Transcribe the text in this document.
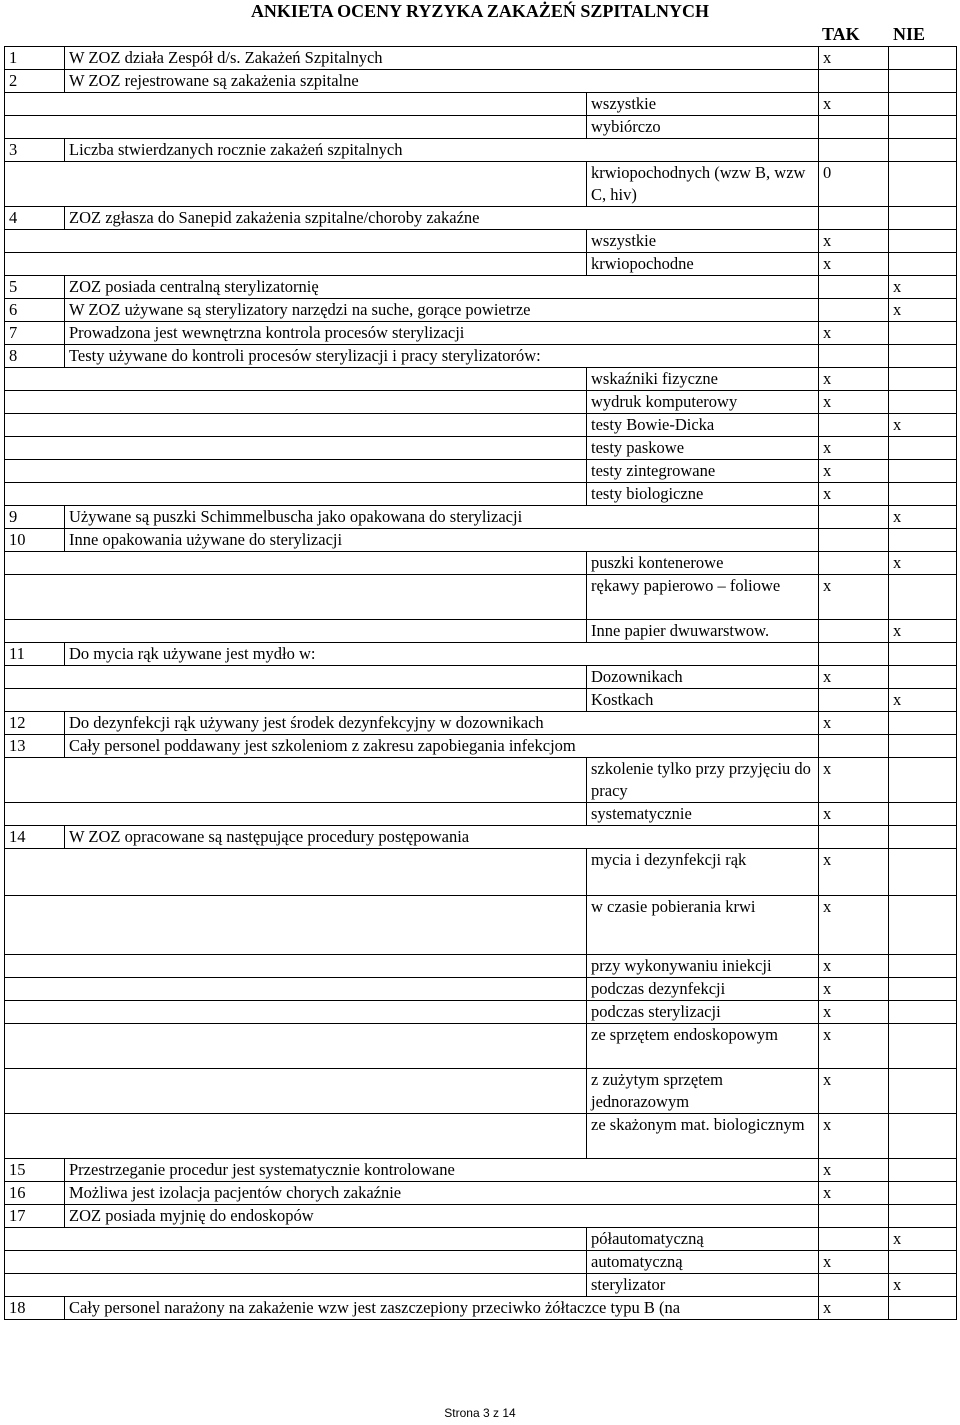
ANKIETA OCENY RYZYKA ZAKAŻEŃ SZPITALNYCH
TAK NIE
1	W ZOZ działa Zespół d/s. Zakażeń Szpitalnych		x	
2	W ZOZ rejestrowane są zakażenia szpitalne			
		wszystkie	x	
		wybiórczo		
3	Liczba stwierdzanych rocznie zakażeń szpitalnych			
		krwiopochodnych (wzw B, wzw C, hiv)	0	
4	ZOZ zgłasza do Sanepid zakażenia szpitalne/choroby zakaźne			
		wszystkie	x	
		krwiopochodne	x	
5	ZOZ posiada centralną sterylizatornię			x
6	W ZOZ używane są sterylizatory narzędzi na suche, gorące powietrze			x
7	Prowadzona jest wewnętrzna kontrola procesów sterylizacji		x	
8	Testy używane do kontroli procesów sterylizacji i pracy sterylizatorów:			
		wskaźniki fizyczne	x	
		wydruk komputerowy	x	
		testy Bowie-Dicka		x
		testy paskowe	x	
		testy zintegrowane	x	
		testy biologiczne	x	
9	Używane są puszki Schimmelbuscha jako opakowana do sterylizacji			x
10	Inne opakowania używane do sterylizacji			
		puszki kontenerowe		x
		rękawy papierowo – foliowe	x	
		Inne papier dwuwarstwow.		x
11	Do mycia rąk używane jest mydło w:			
		Dozownikach	x	
		Kostkach		x
12	Do dezynfekcji rąk używany jest środek dezynfekcyjny w dozownikach		x	
13	Cały personel poddawany jest szkoleniom z zakresu zapobiegania infekcjom			
		szkolenie tylko przy przyjęciu do pracy	x	
		systematycznie	x	
14	W ZOZ opracowane są następujące procedury postępowania			
		mycia i dezynfekcji rąk	x	
		w czasie pobierania krwi	x	
		przy wykonywaniu iniekcji	x	
		podczas dezynfekcji	x	
		podczas sterylizacji	x	
		ze sprzętem endoskopowym	x	
		z zużytym sprzętem jednorazowym	x	
		ze skażonym mat. biologicznym	x	
15	Przestrzeganie procedur jest systematycznie kontrolowane		x	
16	Możliwa jest izolacja pacjentów chorych zakaźnie		x	
17	ZOZ posiada myjnię do endoskopów			
		półautomatyczną		x
		automatyczną	x	
		sterylizator		x
18	Cały personel narażony na zakażenie wzw jest zaszczepiony przeciwko żółtaczce typu B (na		x	
Strona 3 z 14
